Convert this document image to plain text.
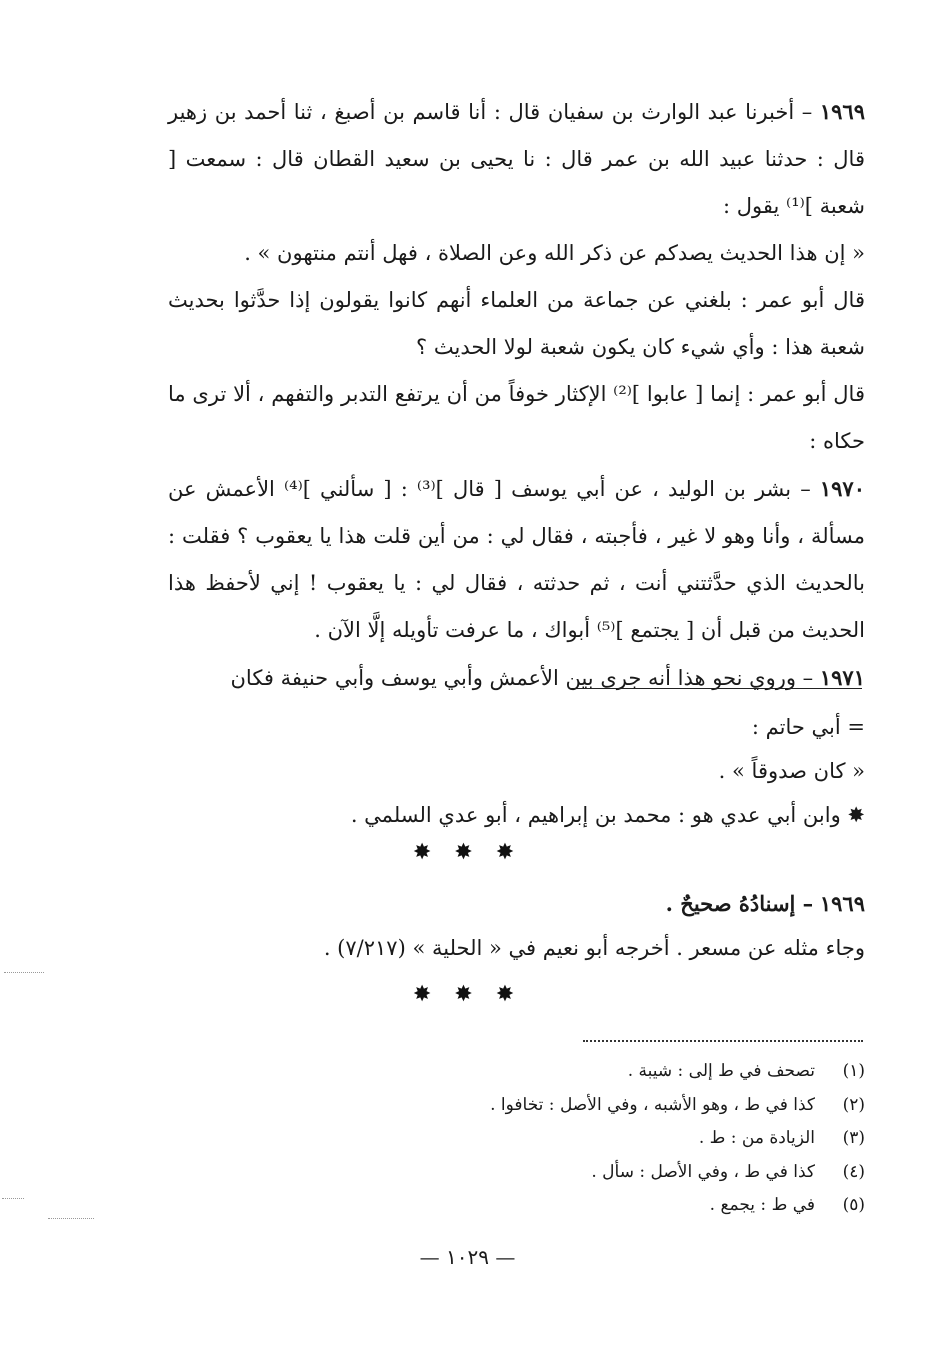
١٩٦٩ – أخبرنا عبد الوارث بن سفيان قال : أنا قاسم بن أصبغ ، ثنا أحمد بن زهير قال : حدثنا عبيد الله بن عمر قال : نا يحيى بن سعيد القطان قال : سمعت [ شعبة ]⁽¹⁾ يقول :

« إن هذا الحديث يصدكم عن ذكر الله وعن الصلاة ، فهل أنتم منتهون » .

قال أبو عمر : بلغني عن جماعة من العلماء أنهم كانوا يقولون إذا حدَّثوا بحديث شعبة هذا : وأي شيء كان يكون شعبة لولا الحديث ؟

قال أبو عمر : إنما [ عابوا ]⁽²⁾ الإكثار خوفاً من أن يرتفع التدبر والتفهم ، ألا ترى ما حكاه :

١٩٧٠ – بشر بن الوليد ، عن أبي يوسف [ قال ]⁽³⁾ : [ سألني ]⁽⁴⁾ الأعمش عن مسألة ، وأنا وهو لا غير ، فأجبته ، فقال لي : من أين قلت هذا يا يعقوب ؟ فقلت : بالحديث الذي حدَّثتني أنت ، ثم حدثته ، فقال لي : يا يعقوب ! إني لأحفظ هذا الحديث من قبل أن [ يجتمع ]⁽⁵⁾ أبواك ، ما عرفت تأويله إلَّا الآن .

١٩٧١ – وروي نحو هذا أنه جرى بين الأعمش وأبي يوسف وأبي حنيفة فكان

= أبي حاتم :

« كان صدوقاً » .

✸ وابن أبي عدي هو : محمد بن إبراهيم ، أبو عدي السلمي .

✸ ✸ ✸

١٩٦٩ – إسنادُهُ صحيحٌ .

وجاء مثله عن مسعر . أخرجه أبو نعيم في « الحلية » (٧/٢١٧) .

✸ ✸ ✸
(١)
تصحف في ط إلى : شيبة .
(٢)
كذا في ط ، وهو الأشبه ، وفي الأصل : تخافوا .
(٣)
الزيادة من : ط .
(٤)
كذا في ط ، وفي الأصل : سأل .
(٥)
في ط : يجمع .
— ١٠٢٩ —
